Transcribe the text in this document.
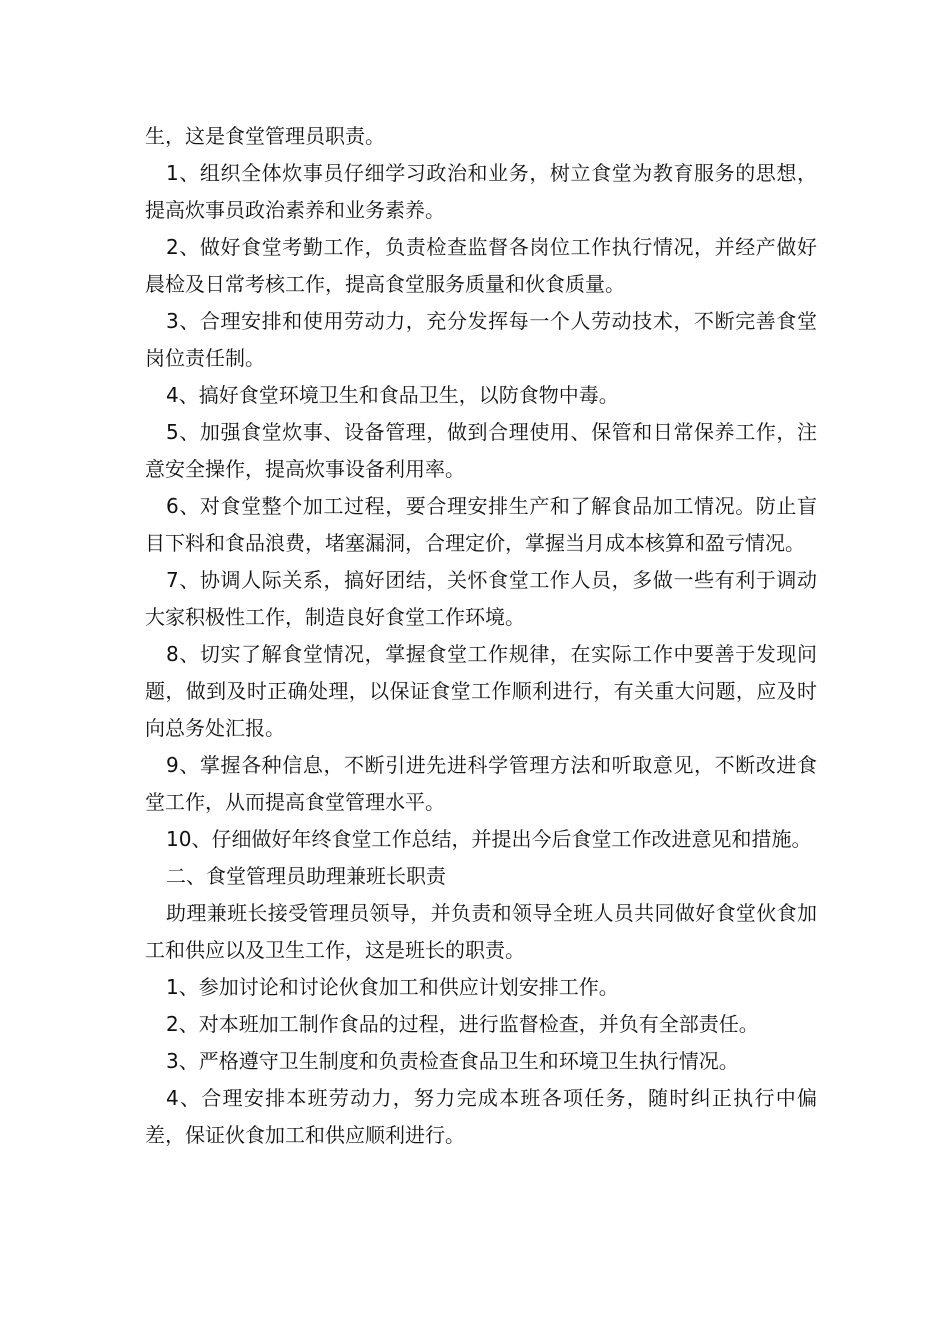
生，这是食堂管理员职责。

1、组织全体炊事员仔细学习政治和业务，树立食堂为教育服务的思想，提高炊事员政治素养和业务素养。

2、做好食堂考勤工作，负责检查监督各岗位工作执行情况，并经产做好晨检及日常考核工作，提高食堂服务质量和伙食质量。

3、合理安排和使用劳动力，充分发挥每一个人劳动技术，不断完善食堂岗位责任制。

4、搞好食堂环境卫生和食品卫生，以防食物中毒。

5、加强食堂炊事、设备管理，做到合理使用、保管和日常保养工作，注意安全操作，提高炊事设备利用率。

6、对食堂整个加工过程，要合理安排生产和了解食品加工情况。防止盲目下料和食品浪费，堵塞漏洞，合理定价，掌握当月成本核算和盈亏情况。

7、协调人际关系，搞好团结，关怀食堂工作人员，多做一些有利于调动大家积极性工作，制造良好食堂工作环境。

8、切实了解食堂情况，掌握食堂工作规律，在实际工作中要善于发现问题，做到及时正确处理，以保证食堂工作顺利进行，有关重大问题，应及时向总务处汇报。

9、掌握各种信息，不断引进先进科学管理方法和听取意见，不断改进食堂工作，从而提高食堂管理水平。

10、仔细做好年终食堂工作总结，并提出今后食堂工作改进意见和措施。

二、食堂管理员助理兼班长职责

助理兼班长接受管理员领导，并负责和领导全班人员共同做好食堂伙食加工和供应以及卫生工作，这是班长的职责。

1、参加讨论和讨论伙食加工和供应计划安排工作。

2、对本班加工制作食品的过程，进行监督检查，并负有全部责任。

3、严格遵守卫生制度和负责检查食品卫生和环境卫生执行情况。

4、合理安排本班劳动力，努力完成本班各项任务，随时纠正执行中偏差，保证伙食加工和供应顺利进行。
